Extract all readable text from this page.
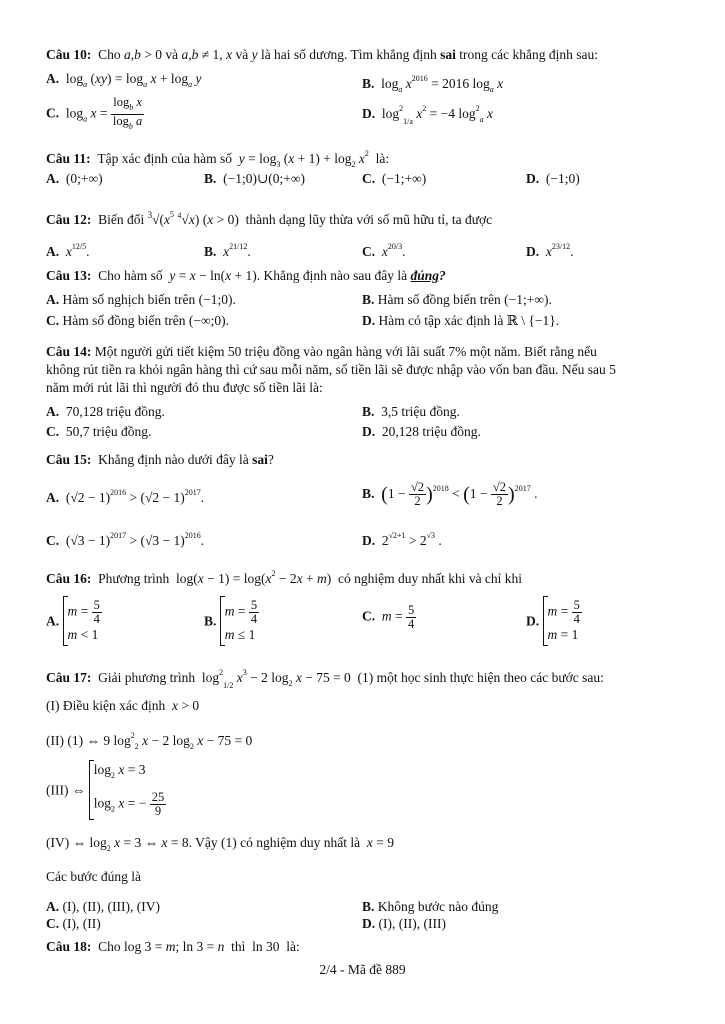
Câu 10:  Cho a,b > 0 và a,b ≠ 1, x và y là hai số dương. Tìm khẳng định sai trong các khẳng định sau:
A.  $\log_a (xy) = \log_a x + \log_a y$	B.  $\log_a x^{2016} = 2016$ $\log_a x$
C.  $\log_a x = \frac{\log_b x}{\log_b a}$	D.  $\log^2_{1/a} x^2 = -4$ $\log^2_a x$
Câu 11:  Tập xác định của hàm số  $y = \log_3 (x + 1) + \log_2 x^2$  là:
A. (0;+∞)	B. (−1;0)∪(0;+∞)	C. (−1;+∞)	D. (−1;0)
Câu 12:  Biến đổi $^3√(x^5$ $^4$√x) (x > 0)  thành dạng lũy thừa với số mũ hữu tỉ, ta được
A. $x^{12/5}$.	B. $x^{21/12}$.	C. $x^{20/3}$.	D. $x^{23/12}$.
Câu 13:  Cho hàm số  y = x − ln(x + 1). Khẳng định nào sau đây là đúng?
A. Hàm số nghịch biến trên (−1;0).	B. Hàm số đồng biến trên (−1;+∞).
C. Hàm số đồng biến trên (−∞;0).	D. Hàm có tập xác định là ℝ \ {−1}.
Câu 14: Một người gửi tiết kiệm 50 triệu đồng vào ngân hàng với lãi suất 7% một năm. Biết rằng nếu
không rút tiền ra khỏi ngân hàng thì cứ sau mỗi năm, số tiền lãi sẽ được nhập vào vốn ban đầu. Nếu sau 5
năm mới rút lãi thì người đó thu được số tiền lãi là:
A. 70,128 triệu đồng.	B. 3,5 triệu đồng.
C. 50,7 triệu đồng.	D. 20,128 triệu đồng.
Câu 15:  Khẳng định nào dưới đây là sai?
A.  $(√2 - 1)^{2016} > (√2 - 1)^{2017}$.	B. $(1 - \frac{√2}{2} )^{2018} < (1 - \frac{√2}{2} )^{2017}$ .
C.  $(√3 - 1)^{2017} > (√3 - 1)^{2016}$.	D.  $2^{√2+1} > 2^{√3}$ .
Câu 16:  Phương trình  $\log(x - 1) = \log(x^2 - 2x + m)$  có nghiệm duy nhất khi và chỉ khi
A.
$m = \frac{5}{4}$
m < 1
B.
$m = \frac{5}{4}$
m ≤ 1
C. $m = \frac{5}{4}$	D.
$m = \frac{5}{4}$
m = 1
Câu 17:  Giải phương trình  $\log^2_{1/2} x^3 - 2$ $\log_2 x - 75 = 0$  (1) một học sinh thực hiện theo các bước sau:
(I) Điều kiện xác định  x > 0
(II) (1) ⇔ 9 $\log^2_2 x - 2$ $\log_2 x - 75 = 0$
(III) ⇔
$\log_2 x = 3$
$\log_2 x$ = − $\frac{25}{9}$
(IV) ⇔ $\log_2 x = 3$ ⇔ x = 8. Vậy (1) có nghiệm duy nhất là  x = 9
Các bước đúng là
A. (I), (II), (III), (IV)	B. Không bước nào đúng
C. (I), (II)	D. (I), (II), (III)
Câu 18:  Cho log 3 = m; ln 3 = n  thì  ln 30  là:
2/4 - Mã đề 889
